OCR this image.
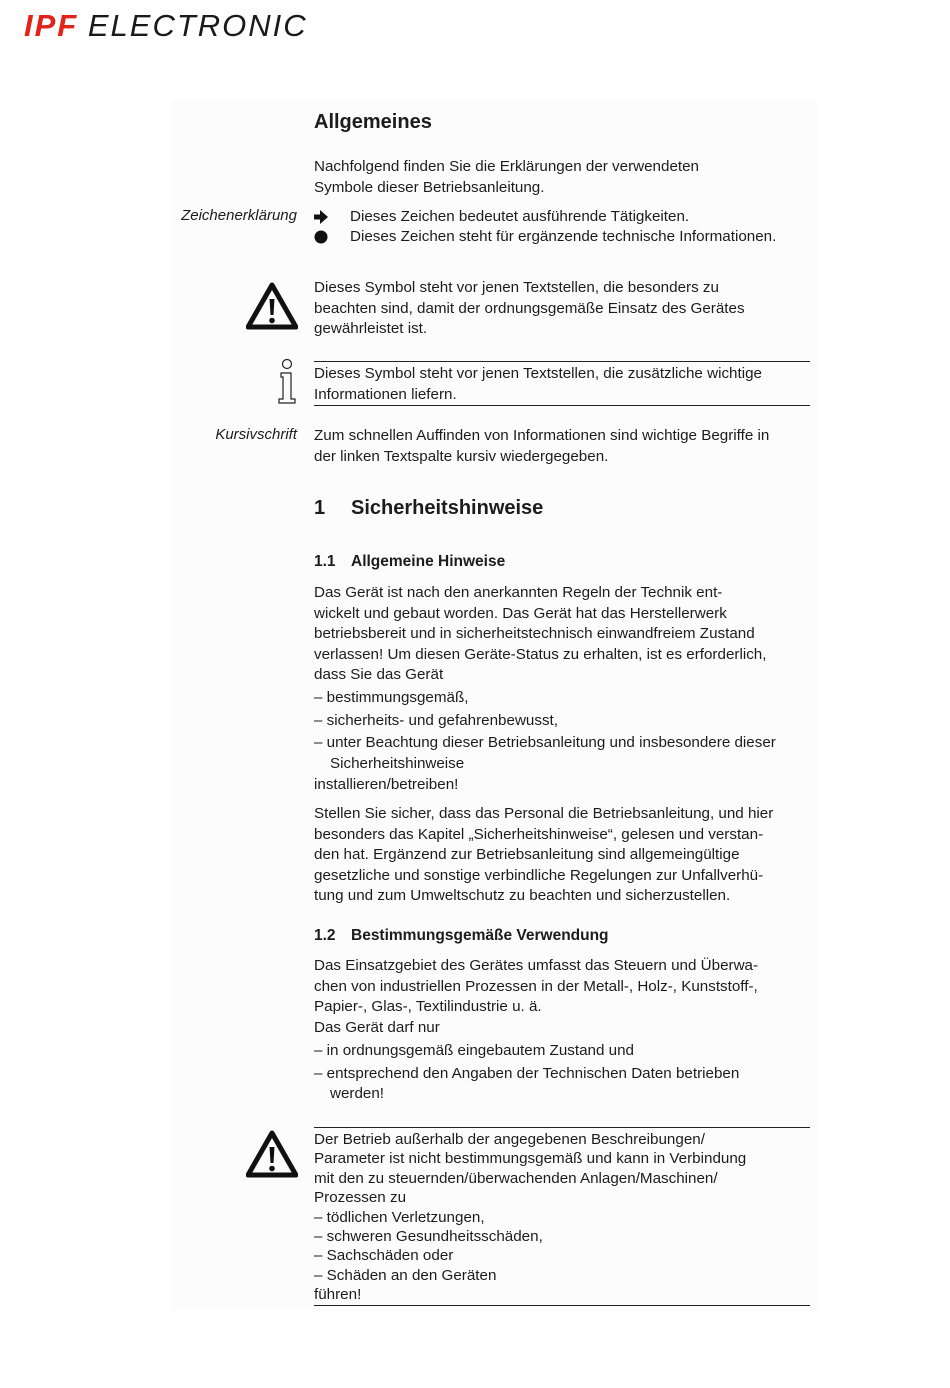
IPF ELECTRONIC
Allgemeines
Nachfolgend finden Sie die Erklärungen der verwendeten
Symbole dieser Betriebsanleitung.
Zeichenerklärung	Dieses Zeichen bedeutet ausführende Tätigkeiten.
Dieses Zeichen steht für ergänzende technische Informationen.
Dieses Symbol steht vor jenen Textstellen, die besonders zu
beachten sind, damit der ordnungsgemäße Einsatz des Gerätes
gewährleistet ist.
Dieses Symbol steht vor jenen Textstellen, die zusätzliche wichtige
Informationen liefern.
Kursivschrift Zum schnellen Auffinden von Informationen sind wichtige Begriffe in
der linken Textspalte kursiv wiedergegeben.
1 Sicherheitshinweise
1.1 Allgemeine Hinweise
Das Gerät ist nach den anerkannten Regeln der Technik ent-
wickelt und gebaut worden. Das Gerät hat das Herstellerwerk
betriebsbereit und in sicherheitstechnisch einwandfreiem Zustand
verlassen! Um diesen Geräte-Status zu erhalten, ist es erforderlich,
dass Sie das Gerät
– bestimmungsgemäß,
– sicherheits- und gefahrenbewusst,
– unter Beachtung dieser Betriebsanleitung und insbesondere dieser
Sicherheitshinweise
installieren/betreiben!
Stellen Sie sicher, dass das Personal die Betriebsanleitung, und hier
besonders das Kapitel „Sicherheitshinweise“, gelesen und verstan-
den hat. Ergänzend zur Betriebsanleitung sind allgemeingültige
gesetzliche und sonstige verbindliche Regelungen zur Unfallverhü-
tung und zum Umweltschutz zu beachten und sicherzustellen.
1.2 Bestimmungsgemäße Verwendung
Das Einsatzgebiet des Gerätes umfasst das Steuern und Überwa-
chen von industriellen Prozessen in der Metall-, Holz-, Kunststoff-,
Papier-, Glas-, Textilindustrie u. ä.
Das Gerät darf nur
– in ordnungsgemäß eingebautem Zustand und
– entsprechend den Angaben der Technischen Daten betrieben
werden!
Der Betrieb außerhalb der angegebenen Beschreibungen/
Parameter ist nicht bestimmungsgemäß und kann in Verbindung
mit den zu steuernden/überwachenden Anlagen/Maschinen/
Prozessen zu
– tödlichen Verletzungen,
– schweren Gesundheitsschäden,
– Sachschäden oder
– Schäden an den Geräten
führen!
